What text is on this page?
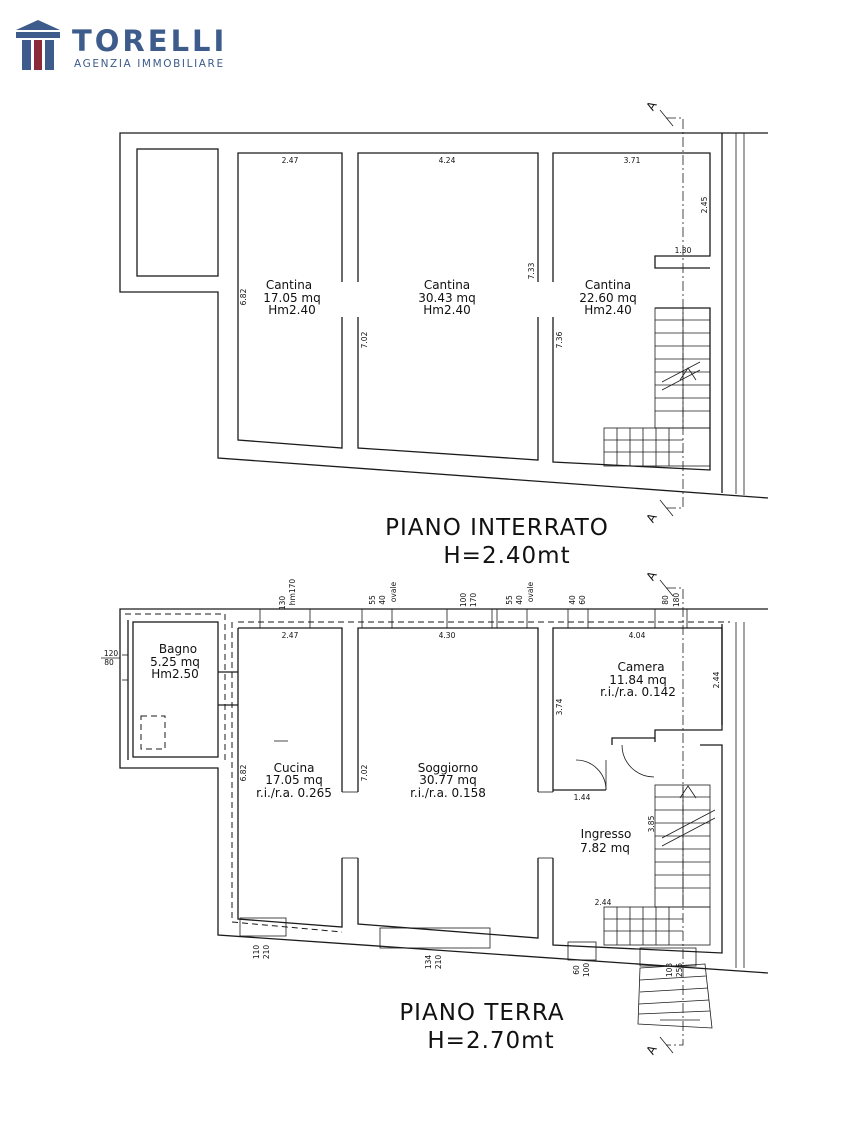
TORELLI
AGENZIA IMMOBILIARE
Cantina
17.05 mq
Hm2.40
Cantina
30.43 mq
Hm2.40
Cantina
22.60 mq
Hm2.40
2.47	4.24	3.71
2.45
1.30
6.82
7.33
7.02	7.36
PIANO INTERRATO
H=2.40mt
Bagno
5.25 mq
Hm2.50
Cucina
17.05 mq
r.i./r.a. 0.265
Soggiorno
30.77 mq
r.i./r.a. 0.158
Camera
11.84 mq
r.i./r.a. 0.142
Ingresso
7.82 mq
2.47	4.30	4.04
2.44
3.74
6.82	7.02
1.44
3.85
2.44
130 hm170	55 40 ovale	100 170	55 40 ovale	40 60	80 180
120
80
110 210
134 210
60 100	103 255
PIANO TERRA
H=2.70mt
A
A
A
A
